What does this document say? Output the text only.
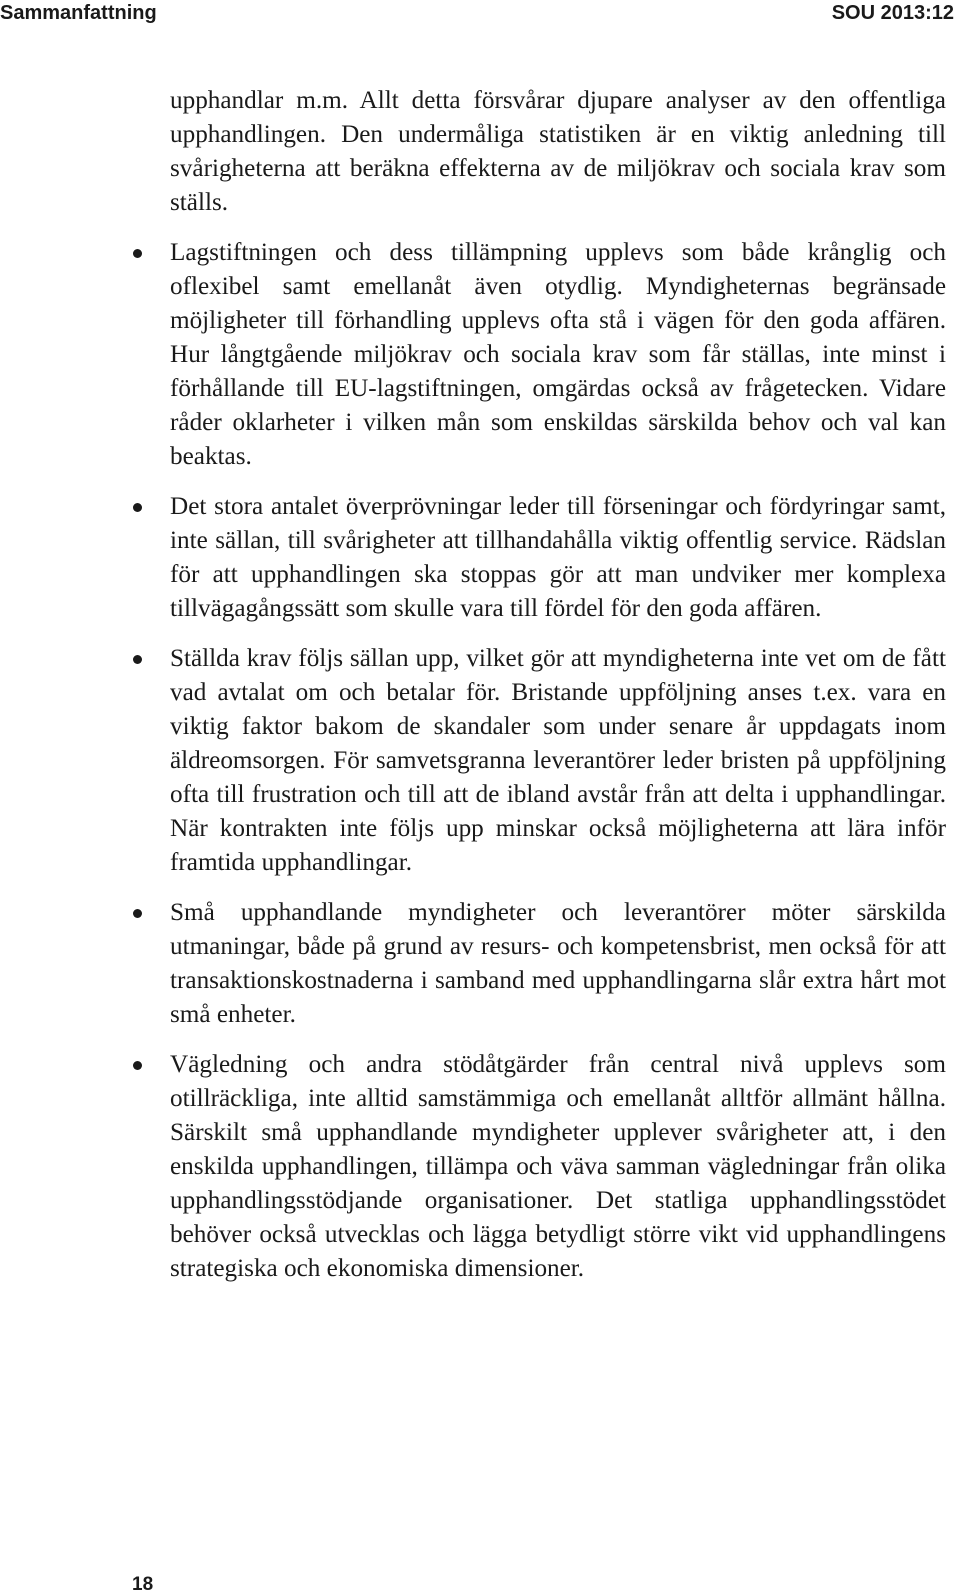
Sammanfattning	SOU 2013:12

upphandlar m.m. Allt detta försvårar djupare analyser av den offentliga upphandlingen. Den undermåliga statistiken är en viktig anledning till svårigheterna att beräkna effekterna av de miljökrav och sociala krav som ställs.

Lagstiftningen och dess tillämpning upplevs som både krånglig och oflexibel samt emellanåt även otydlig. Myndigheternas begränsade möjligheter till förhandling upplevs ofta stå i vägen för den goda affären. Hur långtgående miljökrav och sociala krav som får ställas, inte minst i förhållande till EU-lagstiftningen, omgärdas också av frågetecken. Vidare råder oklarheter i vilken mån som enskildas särskilda behov och val kan beaktas.

Det stora antalet överprövningar leder till förseningar och fördyringar samt, inte sällan, till svårigheter att tillhandahålla viktig offentlig service. Rädslan för att upphandlingen ska stoppas gör att man undviker mer komplexa tillvägagångssätt som skulle vara till fördel för den goda affären.

Ställda krav följs sällan upp, vilket gör att myndigheterna inte vet om de fått vad avtalat om och betalar för. Bristande uppföljning anses t.ex. vara en viktig faktor bakom de skandaler som under senare år uppdagats inom äldreomsorgen. För samvetsgranna leverantörer leder bristen på uppföljning ofta till frustration och till att de ibland avstår från att delta i upphandlingar. När kontrakten inte följs upp minskar också möjligheterna att lära inför framtida upphandlingar.

Små upphandlande myndigheter och leverantörer möter särskilda utmaningar, både på grund av resurs- och kompetensbrist, men också för att transaktionskostnaderna i samband med upphandlingarna slår extra hårt mot små enheter.

Vägledning och andra stödåtgärder från central nivå upplevs som otillräckliga, inte alltid samstämmiga och emellanåt alltför allmänt hållna. Särskilt små upphandlande myndigheter upplever svårigheter att, i den enskilda upphandlingen, tillämpa och väva samman vägledningar från olika upphandlingsstödjande organisationer. Det statliga upphandlingsstödet behöver också utvecklas och lägga betydligt större vikt vid upphandlingens strategiska och ekonomiska dimensioner.

18
